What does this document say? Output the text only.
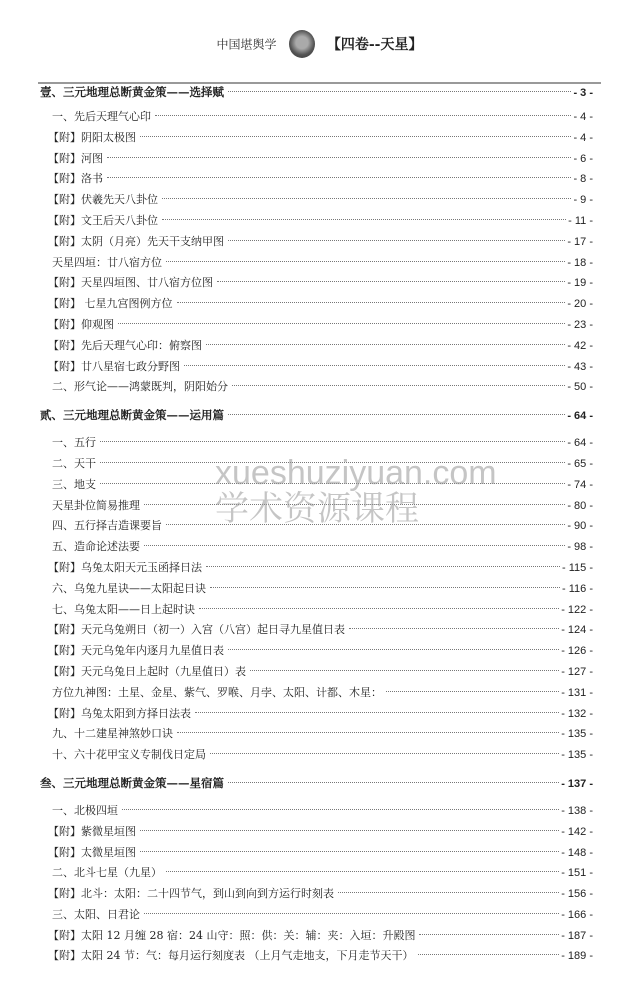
中国堪舆学	【四卷--天星】
壹、三元地理总断黄金策——选择赋	- 3 -
一、先后天理气心印	- 4 -
【附】阴阳太极图	- 4 -
【附】河图	- 6 -
【附】洛书	- 8 -
【附】伏羲先天八卦位	- 9 -
【附】文王后天八卦位	- 11 -
【附】太阴（月亮）先天干支纳甲图	- 17 -
天星四垣：廿八宿方位	- 18 -
【附】天星四垣图、廿八宿方位图	- 19 -
【附】 七星九宫图例方位	- 20 -
【附】仰观图	- 23 -
【附】先后天理气心印：俯察图	- 42 -
【附】廿八星宿七政分野图	- 43 -
二、形气论——鸿蒙既判，阴阳始分	- 50 -
贰、三元地理总断黄金策——运用篇	- 64 -
一、五行	- 64 -
二、天干	- 65 -
三、地支	- 74 -
天星卦位简易推理	- 80 -
四、五行择吉造课要旨	- 90 -
五、造命论述法要	- 98 -
【附】乌兔太阳天元玉函择日法	- 115 -
六、乌兔九星诀——太阳起日诀	- 116 -
七、乌兔太阳——日上起时诀	- 122 -
【附】天元乌兔朔日（初一）入宫（八宫）起日寻九星值日表	- 124 -
【附】天元乌兔年内逐月九星值日表	- 126 -
【附】天元乌兔日上起时（九星值日）表	- 127 -
方位九神图：土星、金星、紫气、罗喉、月孛、太阳、计都、木星：	- 131 -
【附】乌兔太阳到方择日法表	- 132 -
九、十二建星神煞妙口诀	- 135 -
十、六十花甲宝义专制伐日定局	- 135 -
叁、三元地理总断黄金策——星宿篇	- 137 -
一、北极四垣	- 138 -
【附】紫微星垣图	- 142 -
【附】太微星垣图	- 148 -
二、北斗七星（九星）	- 151 -
【附】北斗：太阳：二十四节气，到山到向到方运行时刻表	- 156 -
三、太阳、日君论	- 166 -
【附】太阳 12 月缠 28 宿：24 山守：照：供：关：辅：夹：入垣：升殿图	- 187 -
【附】太阳 24 节：气：每月运行刻度表 （上月气走地支，下月走节天干）	- 189 -
xueshuziyuan.com
学术资源课程
